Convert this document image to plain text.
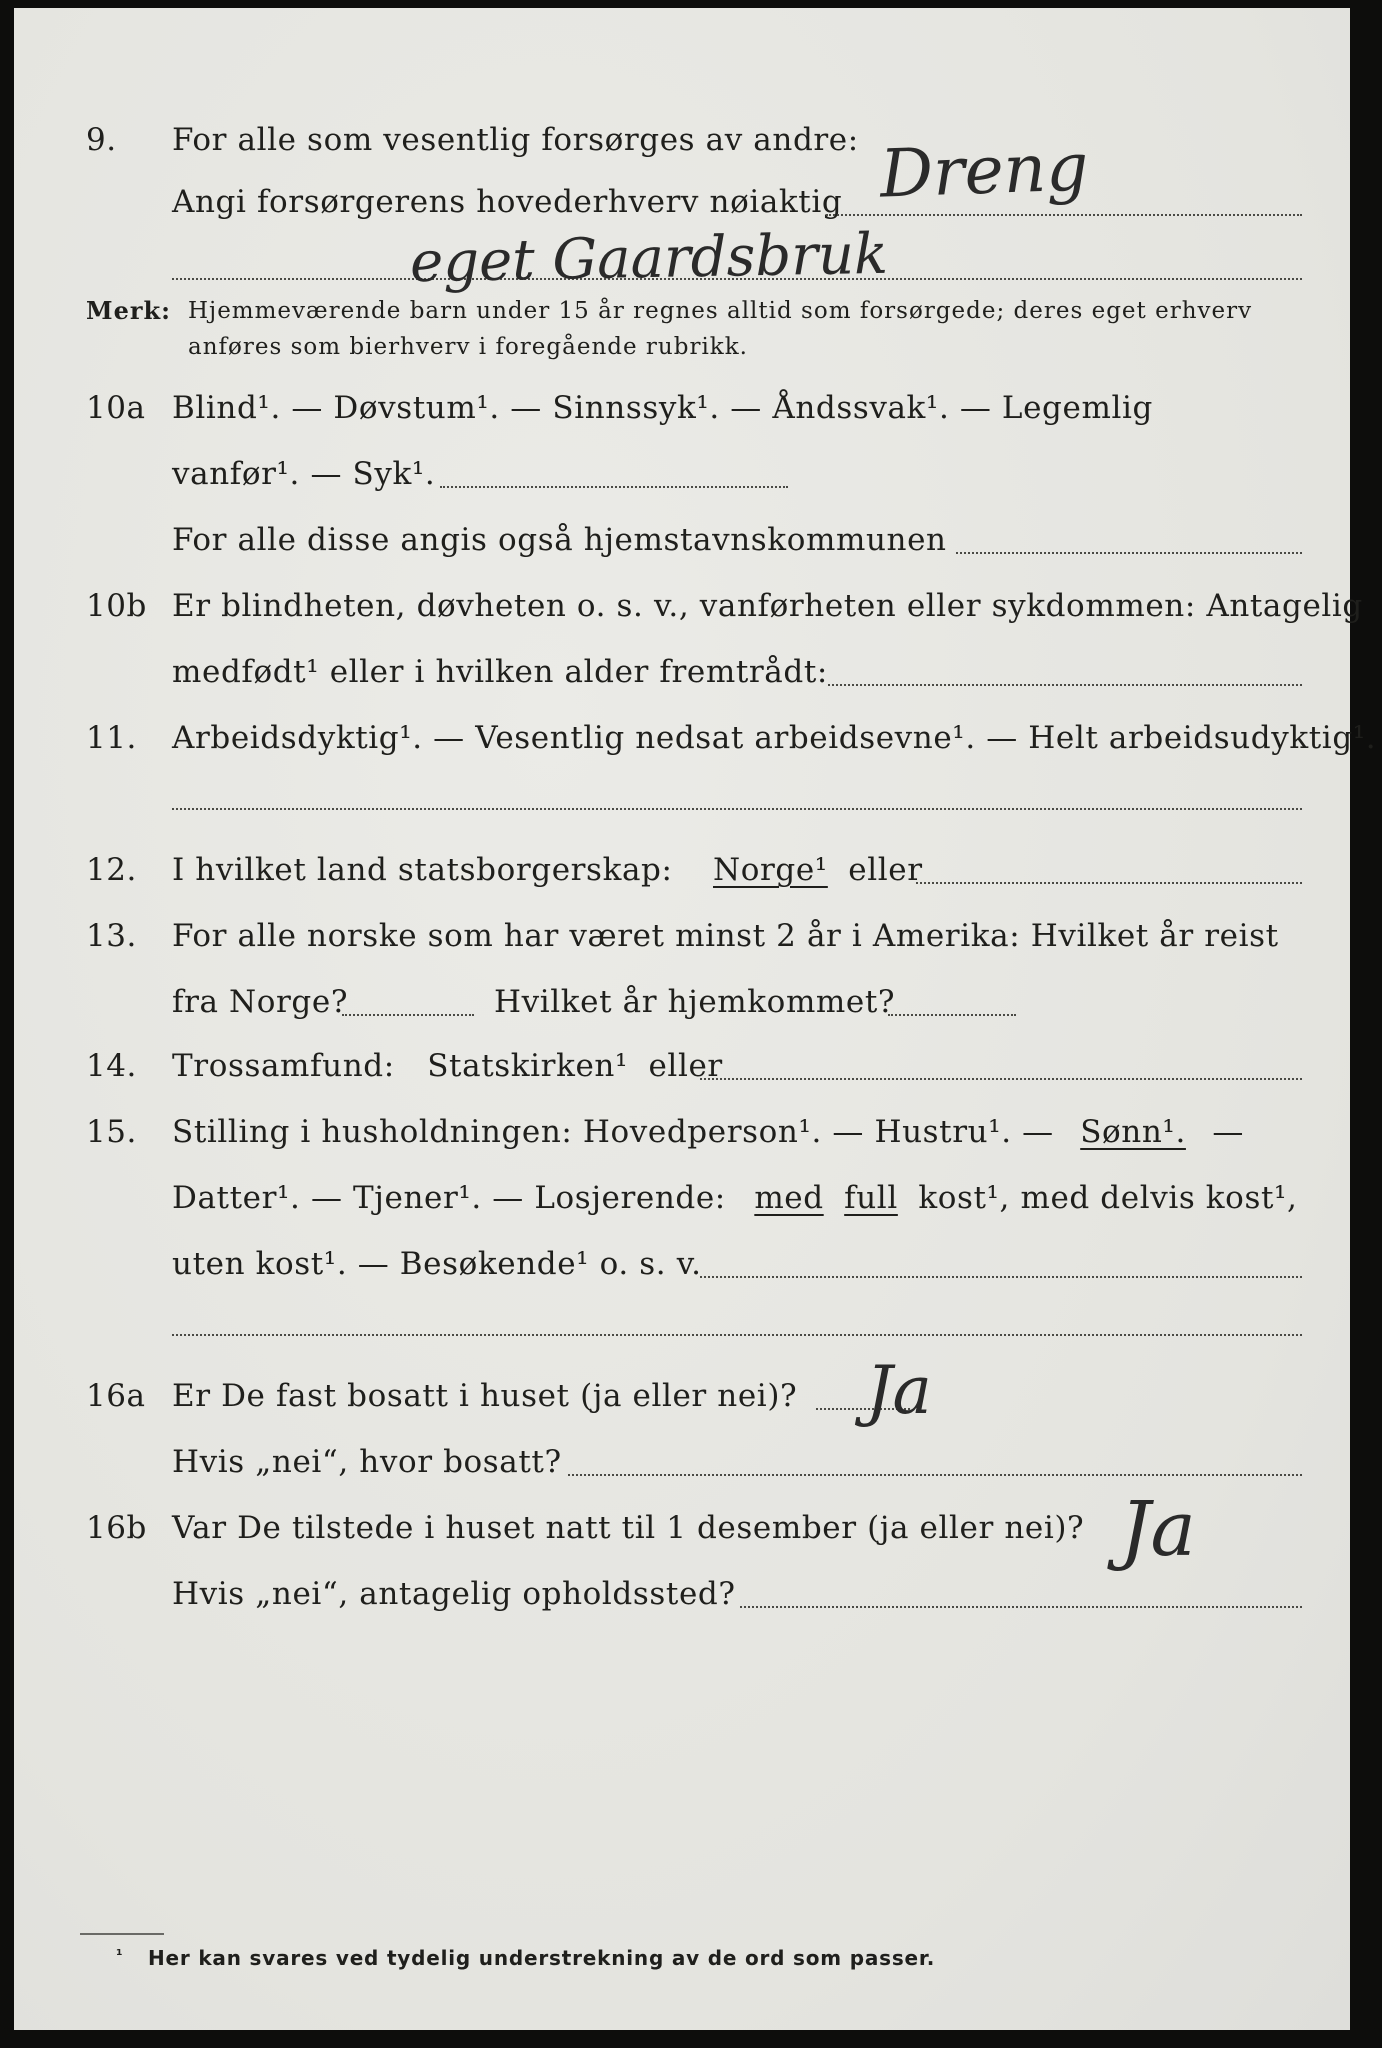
9. For alle som vesentlig forsørges av andre:
Angi forsørgerens hovederhverv nøiaktig Dreng
eget Gaardsbruk
Merk: Hjemmeværende barn under 15 år regnes alltid som forsørgede; deres eget erhverv
anføres som bierhverv i foregående rubrikk.
10a Blind¹. — Døvstum¹. — Sinnssyk¹. — Åndssvak¹. — Legemlig
vanfør¹. — Syk¹.
For alle disse angis også hjemstavnskommunen
10b Er blindheten, døvheten o. s. v., vanførheten eller sykdommen: Antagelig
medfødt¹ eller i hvilken alder fremtrådt:
11. Arbeidsdyktig¹. — Vesentlig nedsat arbeidsevne¹. — Helt arbeidsudyktig¹.
12. I hvilket land statsborgerskap: Norge¹ eller
13. For alle norske som har været minst 2 år i Amerika: Hvilket år reist
fra Norge?	Hvilket år hjemkommet?
14. Trossamfund: Statskirken¹ eller
15. Stilling i husholdningen: Hovedperson¹. — Hustru¹. — Sønn¹. —
Datter¹. — Tjener¹. — Losjerende: med full kost¹, med delvis kost¹,
uten kost¹. — Besøkende¹ o. s. v.
16a Er De fast bosatt i huset (ja eller nei)? Ja
Hvis „nei“, hvor bosatt?
16b Var De tilstede i huset natt til 1 desember (ja eller nei)? Ja
Hvis „nei“, antagelig opholdssted?
¹ Her kan svares ved tydelig understrekning av de ord som passer.
